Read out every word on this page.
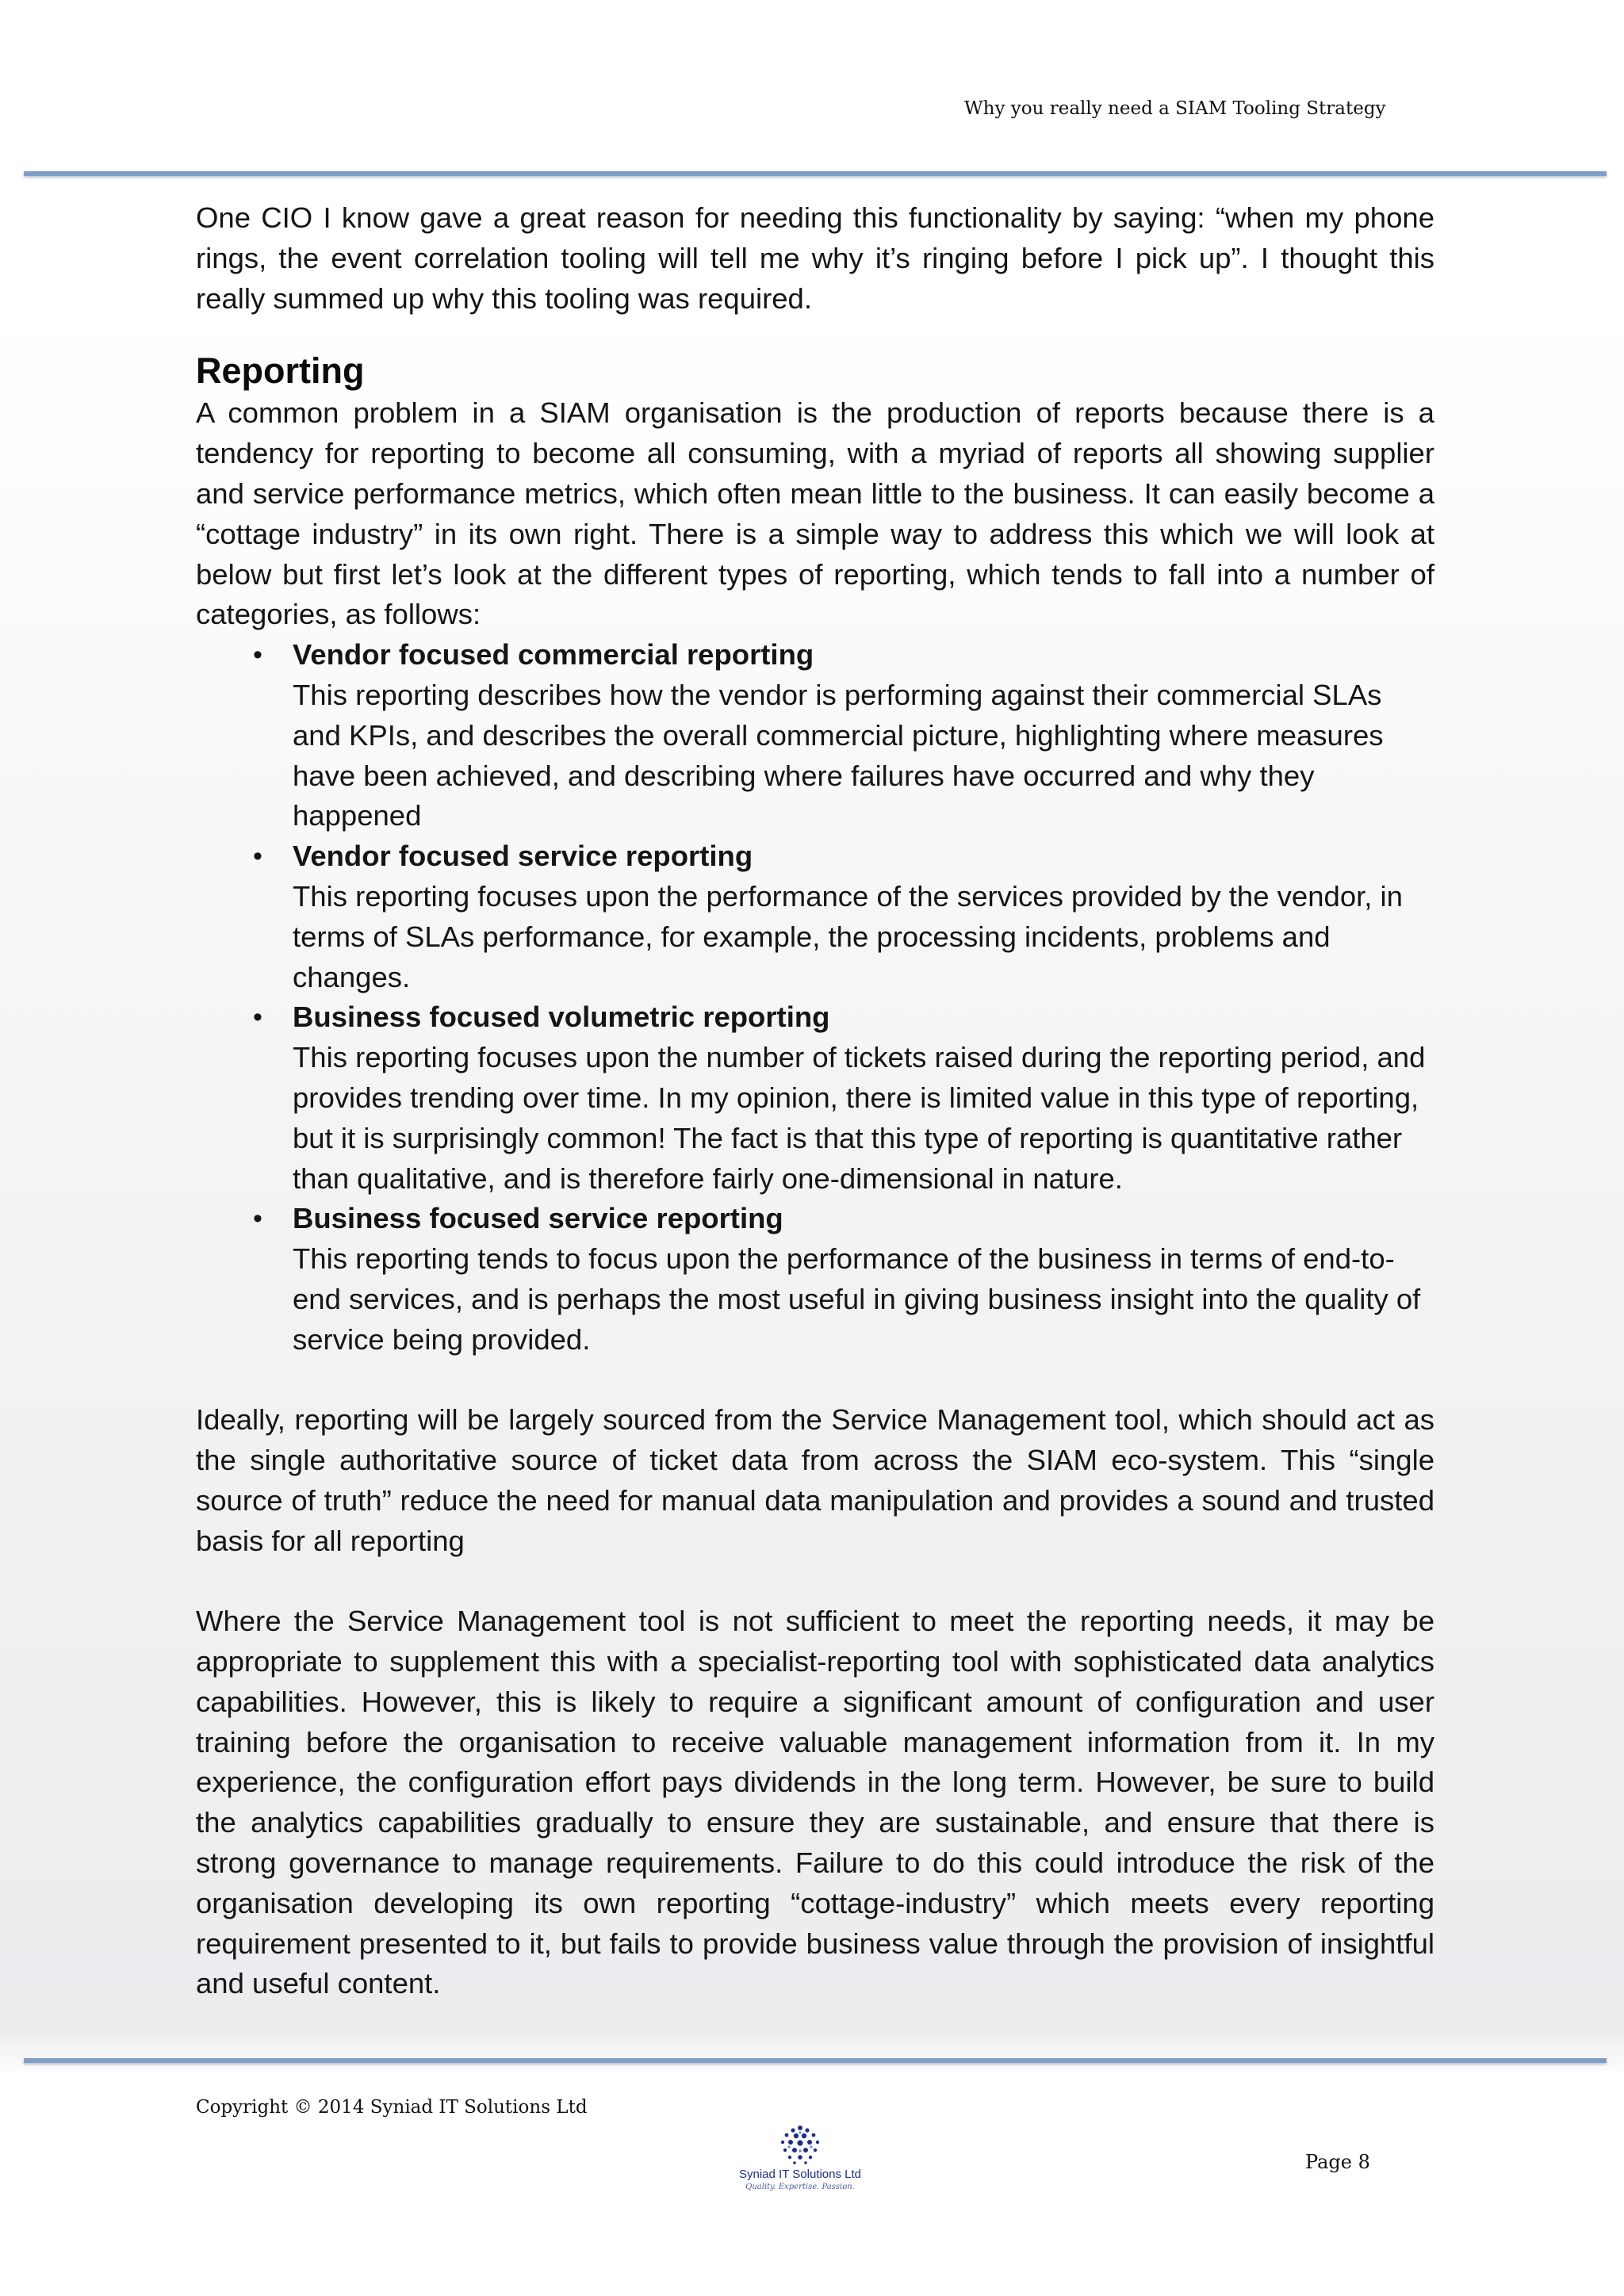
Why you really need a SIAM Tooling Strategy

One CIO I know gave a great reason for needing this functionality by saying: “when my phone rings, the event correlation tooling will tell me why it’s ringing before I pick up”. I thought this really summed up why this tooling was required.

Reporting

A common problem in a SIAM organisation is the production of reports because there is a tendency for reporting to become all consuming, with a myriad of reports all showing supplier and service performance metrics, which often mean little to the business. It can easily become a “cottage industry” in its own right. There is a simple way to address this which we will look at below but first let’s look at the different types of reporting, which tends to fall into a number of categories, as follows:

• Vendor focused commercial reporting
This reporting describes how the vendor is performing against their commercial SLAs and KPIs, and describes the overall commercial picture, highlighting where measures have been achieved, and describing where failures have occurred and why they happened
• Vendor focused service reporting
This reporting focuses upon the performance of the services provided by the vendor, in terms of SLAs performance, for example, the processing incidents, problems and changes.
• Business focused volumetric reporting
This reporting focuses upon the number of tickets raised during the reporting period, and provides trending over time. In my opinion, there is limited value in this type of reporting, but it is surprisingly common! The fact is that this type of reporting is quantitative rather than qualitative, and is therefore fairly one-dimensional in nature.
• Business focused service reporting
This reporting tends to focus upon the performance of the business in terms of end-to-end services, and is perhaps the most useful in giving business insight into the quality of service being provided.

Ideally, reporting will be largely sourced from the Service Management tool, which should act as the single authoritative source of ticket data from across the SIAM eco-system. This “single source of truth” reduce the need for manual data manipulation and provides a sound and trusted basis for all reporting

Where the Service Management tool is not sufficient to meet the reporting needs, it may be appropriate to supplement this with a specialist-reporting tool with sophisticated data analytics capabilities. However, this is likely to require a significant amount of configuration and user training before the organisation to receive valuable management information from it. In my experience, the configuration effort pays dividends in the long term. However, be sure to build the analytics capabilities gradually to ensure they are sustainable, and ensure that there is strong governance to manage requirements. Failure to do this could introduce the risk of the organisation developing its own reporting “cottage-industry” which meets every reporting requirement presented to it, but fails to provide business value through the provision of insightful and useful content.

Copyright © 2014 Syniad IT Solutions Ltd
Syniad IT Solutions Ltd
Quality. Expertise. Passion.
Page 8
